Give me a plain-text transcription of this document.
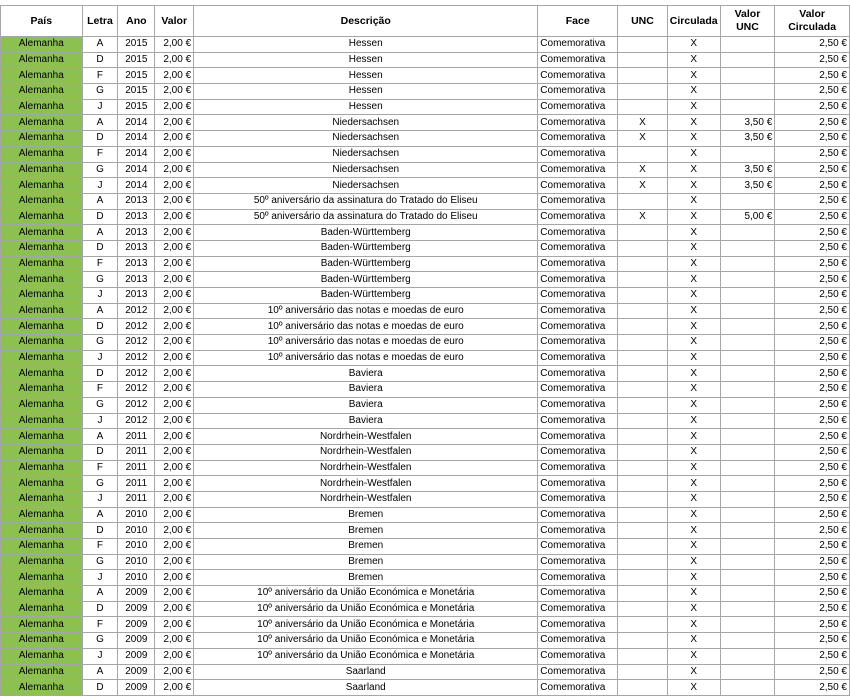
País	Letra	Ano	Valor	Descrição	Face	UNC	Circulada	Valor UNC	Valor Circulada
Alemanha	A	2015	2,00 €	Hessen	Comemorativa		X		2,50 €
Alemanha	D	2015	2,00 €	Hessen	Comemorativa		X		2,50 €
Alemanha	F	2015	2,00 €	Hessen	Comemorativa		X		2,50 €
Alemanha	G	2015	2,00 €	Hessen	Comemorativa		X		2,50 €
Alemanha	J	2015	2,00 €	Hessen	Comemorativa		X		2,50 €
Alemanha	A	2014	2,00 €	Niedersachsen	Comemorativa	X	X	3,50 €	2,50 €
Alemanha	D	2014	2,00 €	Niedersachsen	Comemorativa	X	X	3,50 €	2,50 €
Alemanha	F	2014	2,00 €	Niedersachsen	Comemorativa		X		2,50 €
Alemanha	G	2014	2,00 €	Niedersachsen	Comemorativa	X	X	3,50 €	2,50 €
Alemanha	J	2014	2,00 €	Niedersachsen	Comemorativa	X	X	3,50 €	2,50 €
Alemanha	A	2013	2,00 €	50º aniversário da assinatura do Tratado do Eliseu	Comemorativa		X		2,50 €
Alemanha	D	2013	2,00 €	50º aniversário da assinatura do Tratado do Eliseu	Comemorativa	X	X	5,00 €	2,50 €
Alemanha	A	2013	2,00 €	Baden-Württemberg	Comemorativa		X		2,50 €
Alemanha	D	2013	2,00 €	Baden-Württemberg	Comemorativa		X		2,50 €
Alemanha	F	2013	2,00 €	Baden-Württemberg	Comemorativa		X		2,50 €
Alemanha	G	2013	2,00 €	Baden-Württemberg	Comemorativa		X		2,50 €
Alemanha	J	2013	2,00 €	Baden-Württemberg	Comemorativa		X		2,50 €
Alemanha	A	2012	2,00 €	10º aniversário das notas e moedas de euro	Comemorativa		X		2,50 €
Alemanha	D	2012	2,00 €	10º aniversário das notas e moedas de euro	Comemorativa		X		2,50 €
Alemanha	G	2012	2,00 €	10º aniversário das notas e moedas de euro	Comemorativa		X		2,50 €
Alemanha	J	2012	2,00 €	10º aniversário das notas e moedas de euro	Comemorativa		X		2,50 €
Alemanha	D	2012	2,00 €	Baviera	Comemorativa		X		2,50 €
Alemanha	F	2012	2,00 €	Baviera	Comemorativa		X		2,50 €
Alemanha	G	2012	2,00 €	Baviera	Comemorativa		X		2,50 €
Alemanha	J	2012	2,00 €	Baviera	Comemorativa		X		2,50 €
Alemanha	A	2011	2,00 €	Nordrhein-Westfalen	Comemorativa		X		2,50 €
Alemanha	D	2011	2,00 €	Nordrhein-Westfalen	Comemorativa		X		2,50 €
Alemanha	F	2011	2,00 €	Nordrhein-Westfalen	Comemorativa		X		2,50 €
Alemanha	G	2011	2,00 €	Nordrhein-Westfalen	Comemorativa		X		2,50 €
Alemanha	J	2011	2,00 €	Nordrhein-Westfalen	Comemorativa		X		2,50 €
Alemanha	A	2010	2,00 €	Bremen	Comemorativa		X		2,50 €
Alemanha	D	2010	2,00 €	Bremen	Comemorativa		X		2,50 €
Alemanha	F	2010	2,00 €	Bremen	Comemorativa		X		2,50 €
Alemanha	G	2010	2,00 €	Bremen	Comemorativa		X		2,50 €
Alemanha	J	2010	2,00 €	Bremen	Comemorativa		X		2,50 €
Alemanha	A	2009	2,00 €	10º aniversário da União Económica e Monetária	Comemorativa		X		2,50 €
Alemanha	D	2009	2,00 €	10º aniversário da União Económica e Monetária	Comemorativa		X		2,50 €
Alemanha	F	2009	2,00 €	10º aniversário da União Económica e Monetária	Comemorativa		X		2,50 €
Alemanha	G	2009	2,00 €	10º aniversário da União Económica e Monetária	Comemorativa		X		2,50 €
Alemanha	J	2009	2,00 €	10º aniversário da União Económica e Monetária	Comemorativa		X		2,50 €
Alemanha	A	2009	2,00 €	Saarland	Comemorativa		X		2,50 €
Alemanha	D	2009	2,00 €	Saarland	Comemorativa		X		2,50 €
